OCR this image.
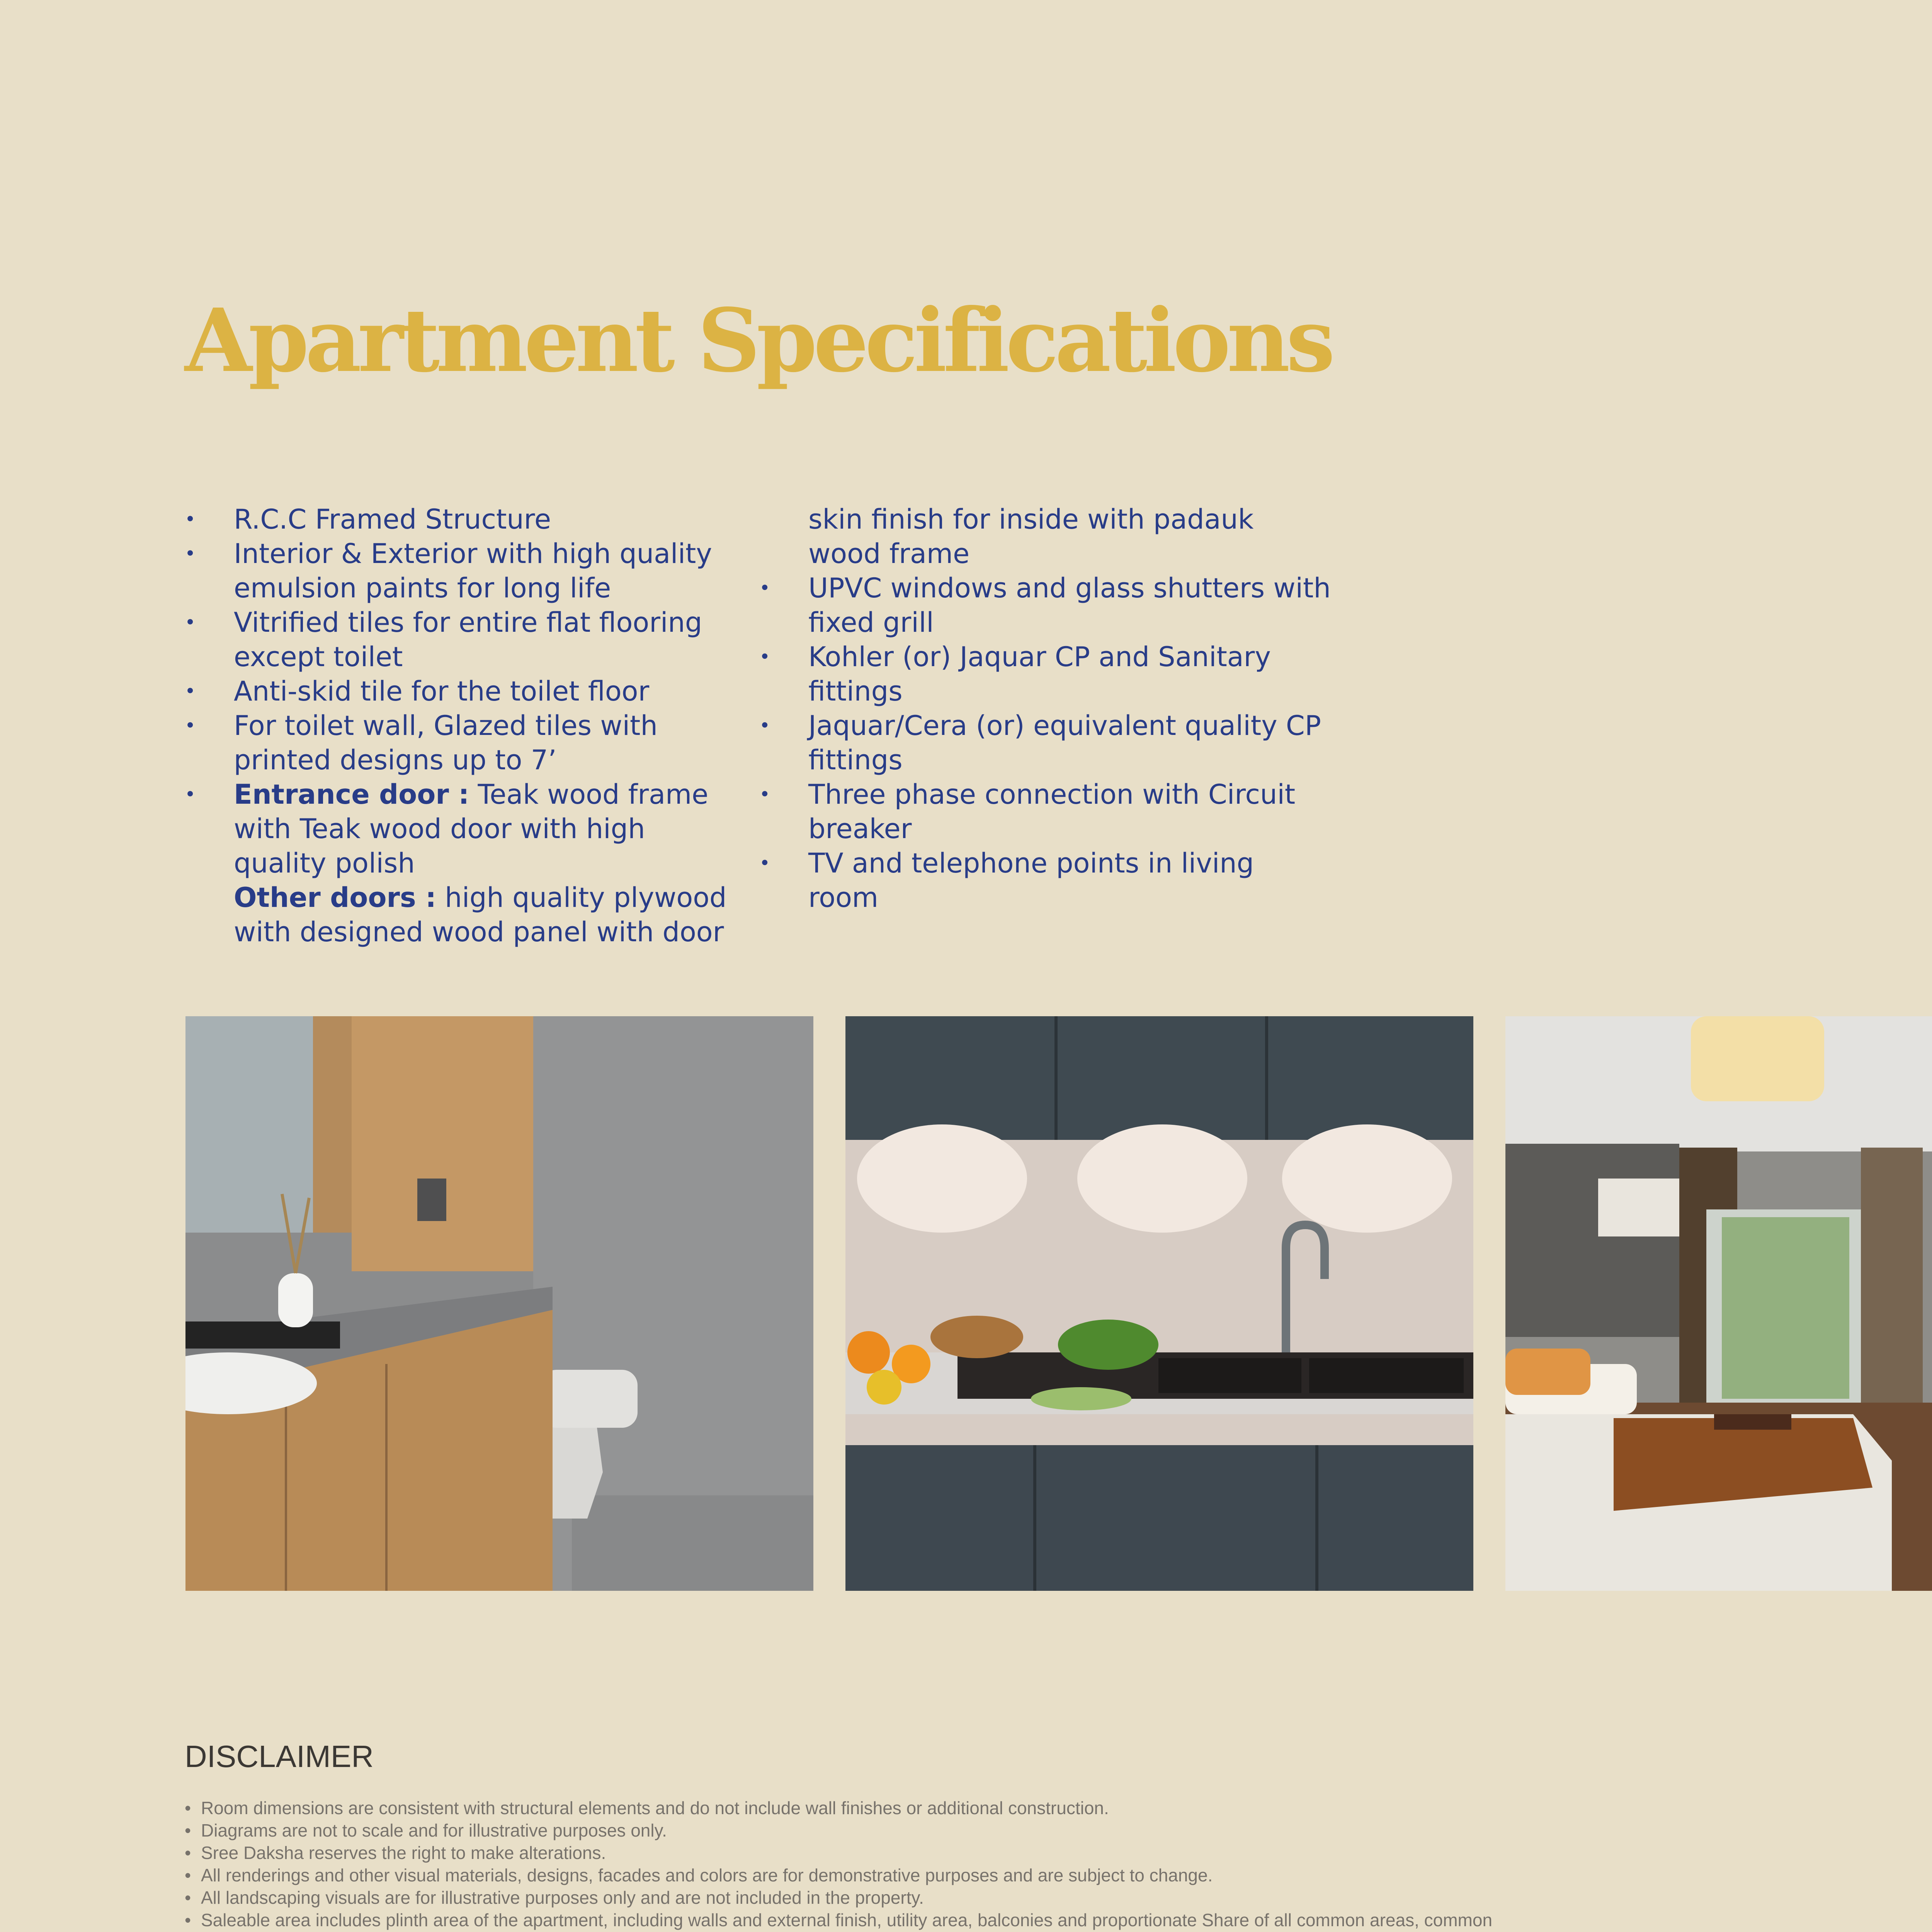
Apartment Specifications
• R.C.C Framed Structure
• Interior & Exterior with high quality emulsion paints for long life
• Vitrified tiles for entire flat flooring except toilet
• Anti-skid tile for the toilet floor
• For toilet wall, Glazed tiles with printed designs up to 7’
• Entrance door : Teak wood frame with Teak wood door with high quality polish
Other doors : high quality plywood with designed wood panel with door
skin finish for inside with padauk wood frame
• UPVC windows and glass shutters with fixed grill
• Kohler (or) Jaquar CP and Sanitary fittings
• Jaquar/Cera (or) equivalent quality CP fittings
• Three phase connection with Circuit breaker
• TV and telephone points in living room
DISCLAIMER
• Room dimensions are consistent with structural elements and do not include wall finishes or additional construction.
• Diagrams are not to scale and for illustrative purposes only.
• Sree Daksha reserves the right to make alterations.
• All renderings and other visual materials, designs, facades and colors are for demonstrative purposes and are subject to change.
• All landscaping visuals are for illustrative purposes only and are not included in the property.
• Saleable area includes plinth area of the apartment, including walls and external finish, utility area, balconies and proportionate Share of all common areas, common
